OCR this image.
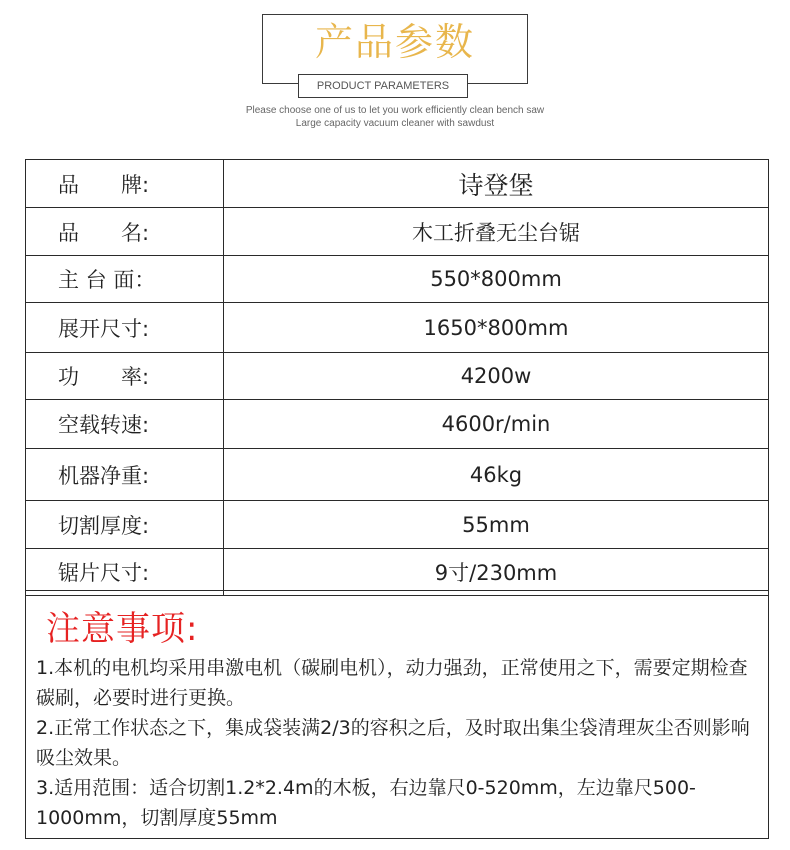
产品参数
PRODUCT PARAMETERS
Please choose one of us to let you work efficiently clean bench saw
Large capacity vacuum cleaner with sawdust
品　　牌:	诗登堡
品　　名:	木工折叠无尘台锯
主 台 面：	550*800mm
展开尺寸:	1650*800mm
功　　率:	4200w
空载转速:	4600r/min
机器净重:	46kg
切割厚度:	55mm
锯片尺寸:	9寸/230mm
注意事项:

1.本机的电机均采用串激电机（碳刷电机），动力强劲，正常使用之下，需要定期检查碳刷，必要时进行更换。

2.正常工作状态之下，集成袋装满2/3的容积之后，及时取出集尘袋清理灰尘否则影响吸尘效果。

3.适用范围：适合切割1.2*2.4m的木板，右边靠尺0-520mm，左边靠尺500-1000mm，切割厚度55mm
